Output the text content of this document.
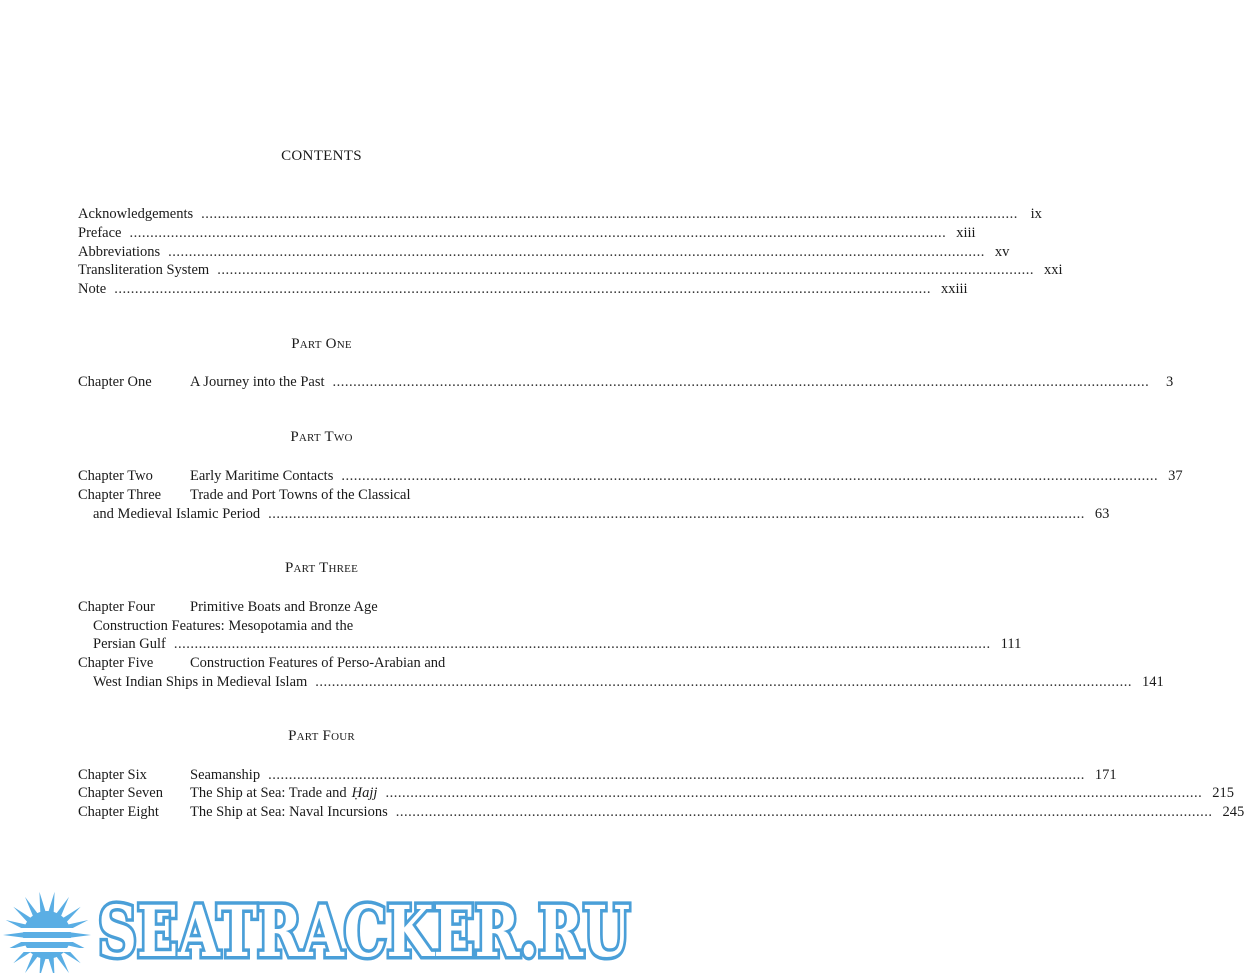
CONTENTS
Acknowledgements .....	ix
Preface .....	xiii
Abbreviations .....	xv
Transliteration System .....	xxi
Note .....	xxiii
Part One
Chapter One	A Journey into the Past .....	3
Part Two
Chapter Two	Early Maritime Contacts .....	37
Chapter Three Trade and Port Towns of the Classical
and Medieval Islamic Period .....	63
Part Three
Chapter Four Primitive Boats and Bronze Age
Construction Features: Mesopotamia and the
Persian Gulf .....	111
Chapter Five	Construction Features of Perso-Arabian and
West Indian Ships in Medieval Islam .....	141
Part Four
Chapter Six	Seamanship .....	171
Chapter Seven	The Ship at Sea: Trade and Ḥajj .....	215
Chapter Eight	The Ship at Sea: Naval Incursions .....	245
SEATRACKER.RU
